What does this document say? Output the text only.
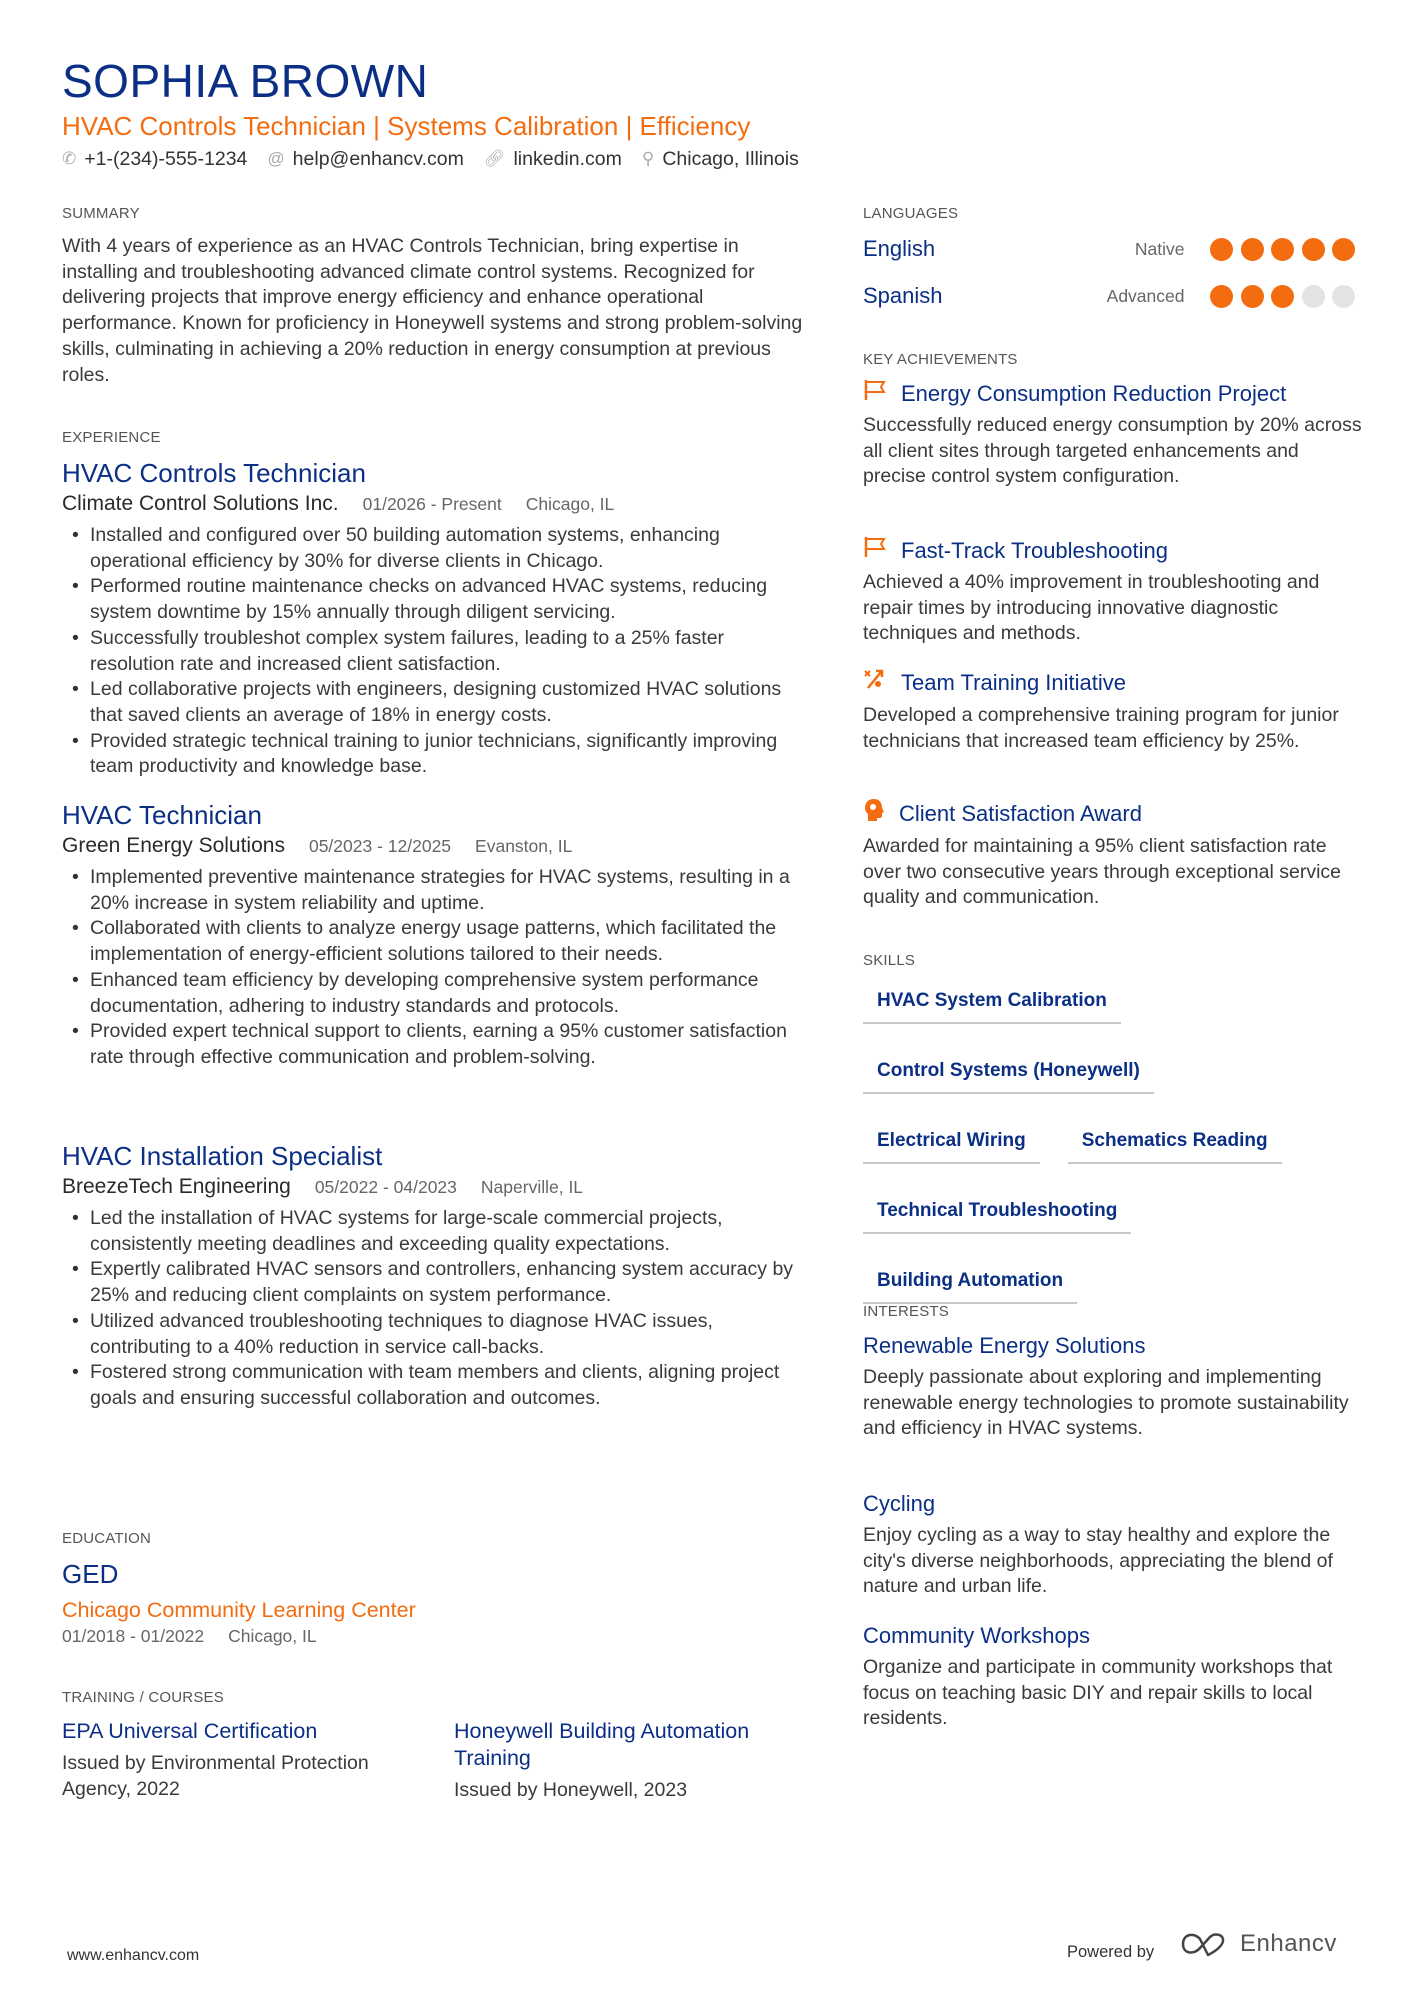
SOPHIA BROWN
HVAC Controls Technician | Systems Calibration | Efficiency
✆ +1-(234)-555-1234 @ help@enhancv.com 🔗︎ linkedin.com ⚲ Chicago, Illinois
SUMMARY
With 4 years of experience as an HVAC Controls Technician, bring expertise in installing and troubleshooting advanced climate control systems. Recognized for delivering projects that improve energy efficiency and enhance operational performance. Known for proficiency in Honeywell systems and strong problem-solving skills, culminating in achieving a 20% reduction in energy consumption at previous roles.
EXPERIENCE
HVAC Controls Technician
Climate Control Solutions Inc. 01/2026 - Present Chicago, IL
• Installed and configured over 50 building automation systems, enhancing operational efficiency by 30% for diverse clients in Chicago.
• Performed routine maintenance checks on advanced HVAC systems, reducing system downtime by 15% annually through diligent servicing.
• Successfully troubleshot complex system failures, leading to a 25% faster resolution rate and increased client satisfaction.
• Led collaborative projects with engineers, designing customized HVAC solutions that saved clients an average of 18% in energy costs.
• Provided strategic technical training to junior technicians, significantly improving team productivity and knowledge base.
HVAC Technician
Green Energy Solutions 05/2023 - 12/2025 Evanston, IL
• Implemented preventive maintenance strategies for HVAC systems, resulting in a 20% increase in system reliability and uptime.
• Collaborated with clients to analyze energy usage patterns, which facilitated the implementation of energy-efficient solutions tailored to their needs.
• Enhanced team efficiency by developing comprehensive system performance documentation, adhering to industry standards and protocols.
• Provided expert technical support to clients, earning a 95% customer satisfaction rate through effective communication and problem-solving.
HVAC Installation Specialist
BreezeTech Engineering 05/2022 - 04/2023 Naperville, IL
• Led the installation of HVAC systems for large-scale commercial projects, consistently meeting deadlines and exceeding quality expectations.
• Expertly calibrated HVAC sensors and controllers, enhancing system accuracy by 25% and reducing client complaints on system performance.
• Utilized advanced troubleshooting techniques to diagnose HVAC issues, contributing to a 40% reduction in service call-backs.
• Fostered strong communication with team members and clients, aligning project goals and ensuring successful collaboration and outcomes.
EDUCATION
GED
Chicago Community Learning Center
01/2018 - 01/2022 Chicago, IL
TRAINING / COURSES
EPA Universal Certification
Issued by Environmental Protection Agency, 2022
Honeywell Building Automation Training
Issued by Honeywell, 2023
LANGUAGES
English	Native
Spanish	Advanced
KEY ACHIEVEMENTS
Energy Consumption Reduction Project
Successfully reduced energy consumption by 20% across all client sites through targeted enhancements and precise control system configuration.
Fast-Track Troubleshooting
Achieved a 40% improvement in troubleshooting and repair times by introducing innovative diagnostic techniques and methods.
Team Training Initiative
Developed a comprehensive training program for junior technicians that increased team efficiency by 25%.
Client Satisfaction Award
Awarded for maintaining a 95% client satisfaction rate over two consecutive years through exceptional service quality and communication.
SKILLS
HVAC System Calibration
Control Systems (Honeywell)
Electrical Wiring	Schematics Reading
Technical Troubleshooting
Building Automation
INTERESTS
Renewable Energy Solutions
Deeply passionate about exploring and implementing renewable energy technologies to promote sustainability and efficiency in HVAC systems.
Cycling
Enjoy cycling as a way to stay healthy and explore the city's diverse neighborhoods, appreciating the blend of nature and urban life.
Community Workshops
Organize and participate in community workshops that focus on teaching basic DIY and repair skills to local residents.
www.enhancv.com	Powered by	Enhancv
